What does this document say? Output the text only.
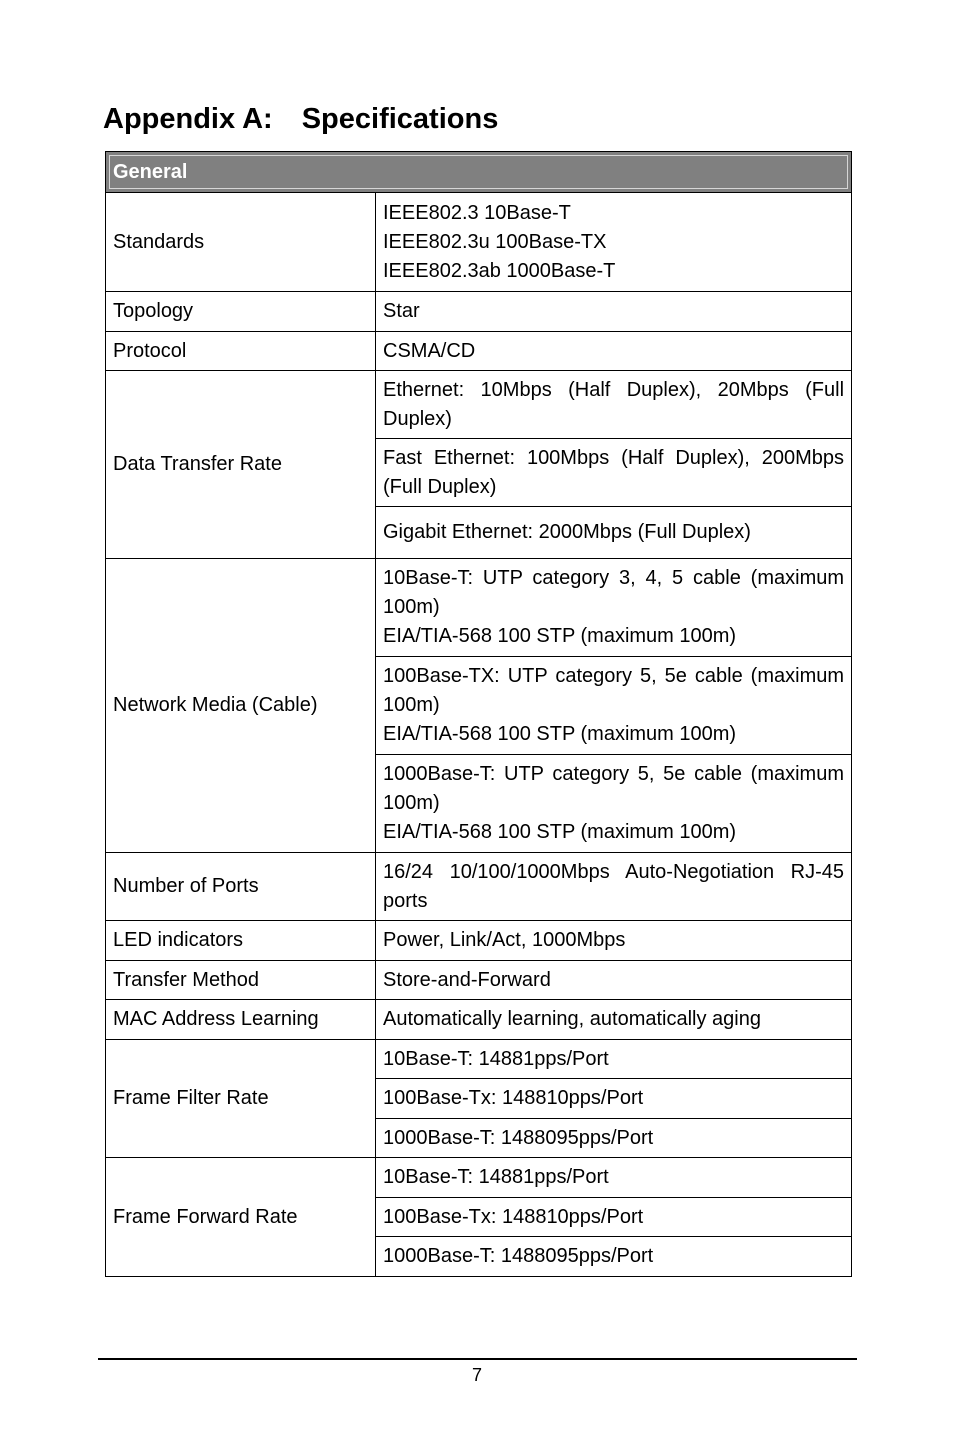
Appendix A: Specifications
General	
Standards	IEEE802.3 10Base-T
IEEE802.3u 100Base-TX
IEEE802.3ab 1000Base-T

Topology	Star
Protocol	CSMA/CD
Data Transfer Rate	Ethernet: 10Mbps (Half Duplex), 20Mbps (Full Duplex)
	Fast Ethernet: 100Mbps (Half Duplex), 200Mbps (Full Duplex)
	Gigabit Ethernet: 2000Mbps (Full Duplex)
Network Media (Cable)	10Base-T: UTP category 3, 4, 5 cable (maximum 100m)
EIA/TIA-568 100 STP (maximum 100m)

	100Base-TX: UTP category 5, 5e cable (maximum 100m)
EIA/TIA-568 100 STP (maximum 100m)

	1000Base-T: UTP category 5, 5e cable (maximum 100m)
EIA/TIA-568 100 STP (maximum 100m)

Number of Ports	16/24 10/100/1000Mbps Auto-Negotiation RJ-45 ports
LED indicators	Power, Link/Act, 1000Mbps
Transfer Method	Store-and-Forward
MAC Address Learning	Automatically learning, automatically aging
Frame Filter Rate	10Base-T: 14881pps/Port
	100Base-Tx: 148810pps/Port
	1000Base-T: 1488095pps/Port
Frame Forward Rate	10Base-T: 14881pps/Port
	100Base-Tx: 148810pps/Port
	1000Base-T: 1488095pps/Port
7
